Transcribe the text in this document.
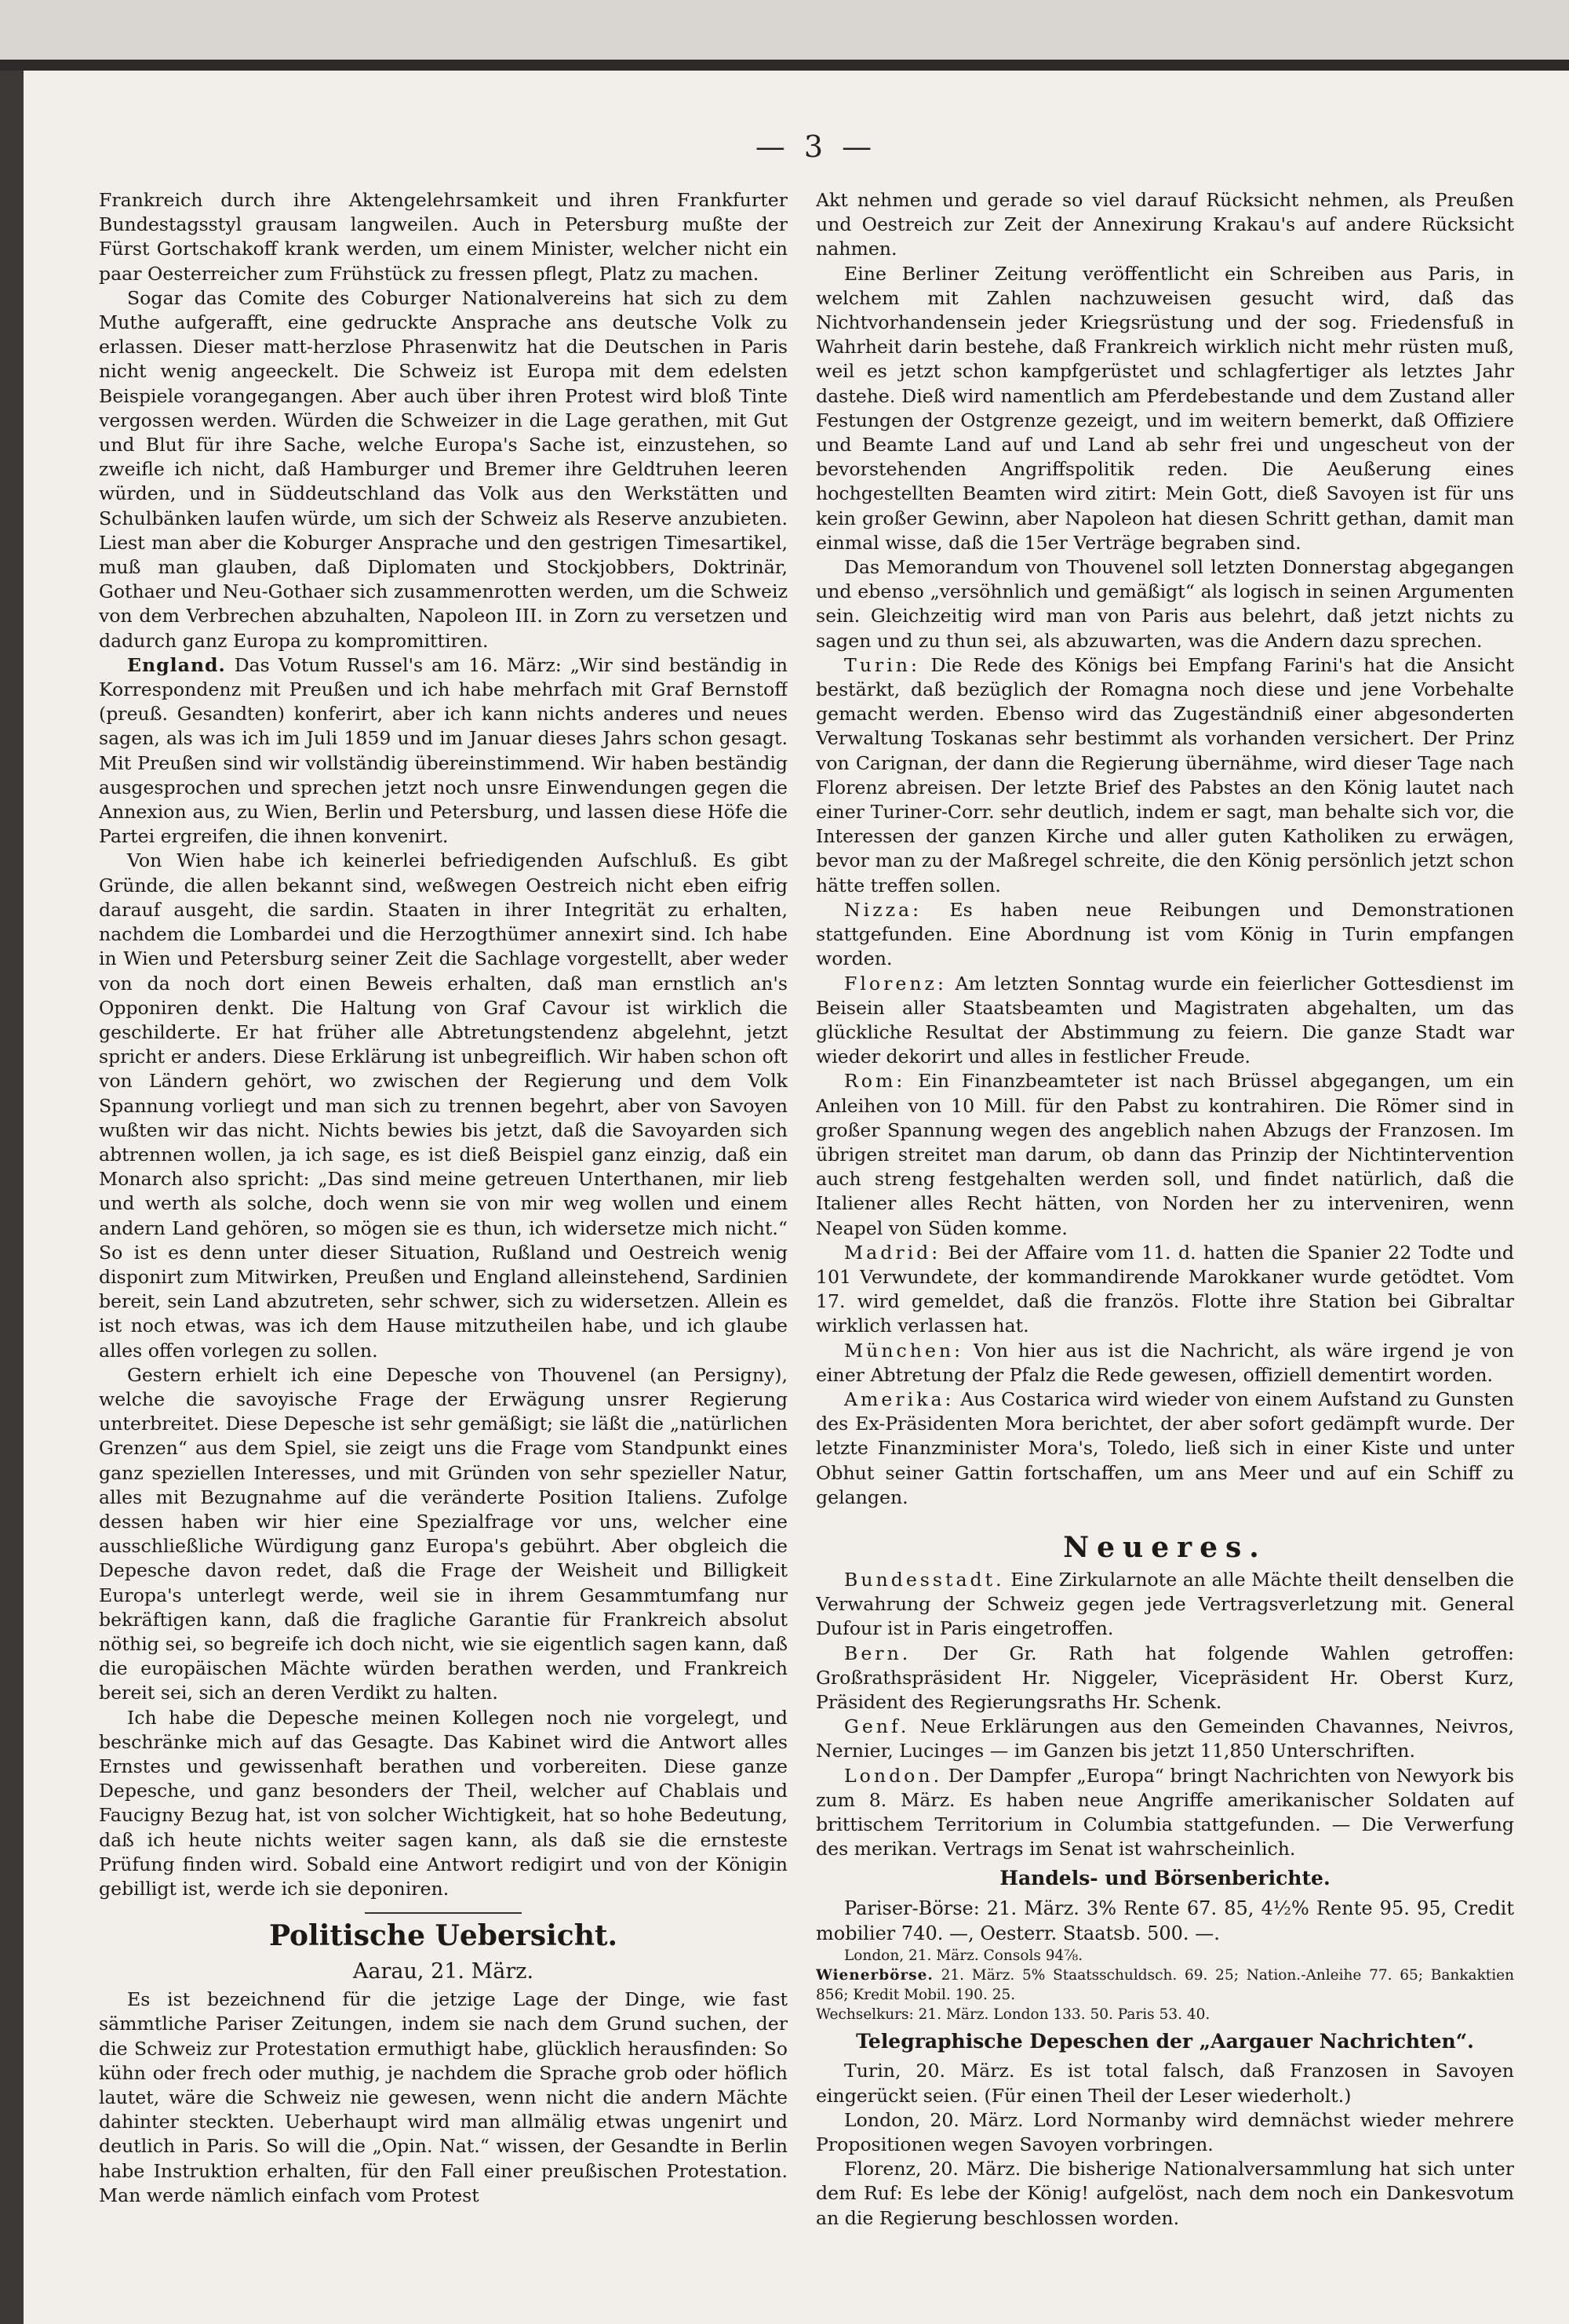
— 3 —

Frankreich durch ihre Aktengelehrsamkeit und ihren Frankfurter Bundestagsstyl grausam langweilen. Auch in Petersburg mußte der Fürst Gortschakoff krank werden, um einem Minister, welcher nicht ein paar Oesterreicher zum Frühstück zu fressen pflegt, Platz zu machen.

Sogar das Comite des Coburger Nationalvereins hat sich zu dem Muthe aufgerafft, eine gedruckte Ansprache ans deutsche Volk zu erlassen. Dieser matt-herzlose Phrasenwitz hat die Deutschen in Paris nicht wenig angeeckelt. Die Schweiz ist Europa mit dem edelsten Beispiele vorangegangen. Aber auch über ihren Protest wird bloß Tinte vergossen werden. Würden die Schweizer in die Lage gerathen, mit Gut und Blut für ihre Sache, welche Europa's Sache ist, einzustehen, so zweifle ich nicht, daß Hamburger und Bremer ihre Geldtruhen leeren würden, und in Süddeutschland das Volk aus den Werkstätten und Schulbänken laufen würde, um sich der Schweiz als Reserve anzubieten. Liest man aber die Koburger Ansprache und den gestrigen Timesartikel, muß man glauben, daß Diplomaten und Stockjobbers, Doktrinär, Gothaer und Neu-Gothaer sich zusammenrotten werden, um die Schweiz von dem Verbrechen abzuhalten, Napoleon III. in Zorn zu versetzen und dadurch ganz Europa zu kompromittiren.

England. Das Votum Russel's am 16. März: „Wir sind beständig in Korrespondenz mit Preußen und ich habe mehrfach mit Graf Bernstoff (preuß. Gesandten) konferirt, aber ich kann nichts anderes und neues sagen, als was ich im Juli 1859 und im Januar dieses Jahrs schon gesagt. Mit Preußen sind wir vollständig übereinstimmend. Wir haben beständig ausgesprochen und sprechen jetzt noch unsre Einwendungen gegen die Annexion aus, zu Wien, Berlin und Petersburg, und lassen diese Höfe die Partei ergreifen, die ihnen konvenirt.

Von Wien habe ich keinerlei befriedigenden Aufschluß. Es gibt Gründe, die allen bekannt sind, weßwegen Oestreich nicht eben eifrig darauf ausgeht, die sardin. Staaten in ihrer Integrität zu erhalten, nachdem die Lombardei und die Herzogthümer annexirt sind. Ich habe in Wien und Petersburg seiner Zeit die Sachlage vorgestellt, aber weder von da noch dort einen Beweis erhalten, daß man ernstlich an's Opponiren denkt. Die Haltung von Graf Cavour ist wirklich die geschilderte. Er hat früher alle Abtretungstendenz abgelehnt, jetzt spricht er anders. Diese Erklärung ist unbegreiflich. Wir haben schon oft von Ländern gehört, wo zwischen der Regierung und dem Volk Spannung vorliegt und man sich zu trennen begehrt, aber von Savoyen wußten wir das nicht. Nichts bewies bis jetzt, daß die Savoyarden sich abtrennen wollen, ja ich sage, es ist dieß Beispiel ganz einzig, daß ein Monarch also spricht: „Das sind meine getreuen Unterthanen, mir lieb und werth als solche, doch wenn sie von mir weg wollen und einem andern Land gehören, so mögen sie es thun, ich widersetze mich nicht.“ So ist es denn unter dieser Situation, Rußland und Oestreich wenig disponirt zum Mitwirken, Preußen und England alleinstehend, Sardinien bereit, sein Land abzutreten, sehr schwer, sich zu widersetzen. Allein es ist noch etwas, was ich dem Hause mitzutheilen habe, und ich glaube alles offen vorlegen zu sollen.

Gestern erhielt ich eine Depesche von Thouvenel (an Persigny), welche die savoyische Frage der Erwägung unsrer Regierung unterbreitet. Diese Depesche ist sehr gemäßigt; sie läßt die „natürlichen Grenzen“ aus dem Spiel, sie zeigt uns die Frage vom Standpunkt eines ganz speziellen Interesses, und mit Gründen von sehr spezieller Natur, alles mit Bezugnahme auf die veränderte Position Italiens. Zufolge dessen haben wir hier eine Spezialfrage vor uns, welcher eine ausschließliche Würdigung ganz Europa's gebührt. Aber obgleich die Depesche davon redet, daß die Frage der Weisheit und Billigkeit Europa's unterlegt werde, weil sie in ihrem Gesammtumfang nur bekräftigen kann, daß die fragliche Garantie für Frankreich absolut nöthig sei, so begreife ich doch nicht, wie sie eigentlich sagen kann, daß die europäischen Mächte würden berathen werden, und Frankreich bereit sei, sich an deren Verdikt zu halten.

Ich habe die Depesche meinen Kollegen noch nie vorgelegt, und beschränke mich auf das Gesagte. Das Kabinet wird die Antwort alles Ernstes und gewissenhaft berathen und vorbereiten. Diese ganze Depesche, und ganz besonders der Theil, welcher auf Chablais und Faucigny Bezug hat, ist von solcher Wichtigkeit, hat so hohe Bedeutung, daß ich heute nichts weiter sagen kann, als daß sie die ernsteste Prüfung finden wird. Sobald eine Antwort redigirt und von der Königin gebilligt ist, werde ich sie deponiren.

Politische Uebersicht.

Aarau, 21. März.

Es ist bezeichnend für die jetzige Lage der Dinge, wie fast sämmtliche Pariser Zeitungen, indem sie nach dem Grund suchen, der die Schweiz zur Protestation ermuthigt habe, glücklich herausfinden: So kühn oder frech oder muthig, je nachdem die Sprache grob oder höflich lautet, wäre die Schweiz nie gewesen, wenn nicht die andern Mächte dahinter steckten. Ueberhaupt wird man allmälig etwas ungenirt und deutlich in Paris. So will die „Opin. Nat.“ wissen, der Gesandte in Berlin habe Instruktion erhalten, für den Fall einer preußischen Protestation. Man werde nämlich einfach vom Protest

Akt nehmen und gerade so viel darauf Rücksicht nehmen, als Preußen und Oestreich zur Zeit der Annexirung Krakau's auf andere Rücksicht nahmen.

Eine Berliner Zeitung veröffentlicht ein Schreiben aus Paris, in welchem mit Zahlen nachzuweisen gesucht wird, daß das Nichtvorhandensein jeder Kriegsrüstung und der sog. Friedensfuß in Wahrheit darin bestehe, daß Frankreich wirklich nicht mehr rüsten muß, weil es jetzt schon kampfgerüstet und schlagfertiger als letztes Jahr dastehe. Dieß wird namentlich am Pferdebestande und dem Zustand aller Festungen der Ostgrenze gezeigt, und im weitern bemerkt, daß Offiziere und Beamte Land auf und Land ab sehr frei und ungescheut von der bevorstehenden Angriffspolitik reden. Die Aeußerung eines hochgestellten Beamten wird zitirt: Mein Gott, dieß Savoyen ist für uns kein großer Gewinn, aber Napoleon hat diesen Schritt gethan, damit man einmal wisse, daß die 15er Verträge begraben sind.

Das Memorandum von Thouvenel soll letzten Donnerstag abgegangen und ebenso „versöhnlich und gemäßigt“ als logisch in seinen Argumenten sein. Gleichzeitig wird man von Paris aus belehrt, daß jetzt nichts zu sagen und zu thun sei, als abzuwarten, was die Andern dazu sprechen.

Turin: Die Rede des Königs bei Empfang Farini's hat die Ansicht bestärkt, daß bezüglich der Romagna noch diese und jene Vorbehalte gemacht werden. Ebenso wird das Zugeständniß einer abgesonderten Verwaltung Toskanas sehr bestimmt als vorhanden versichert. Der Prinz von Carignan, der dann die Regierung übernähme, wird dieser Tage nach Florenz abreisen. Der letzte Brief des Pabstes an den König lautet nach einer Turiner-Corr. sehr deutlich, indem er sagt, man behalte sich vor, die Interessen der ganzen Kirche und aller guten Katholiken zu erwägen, bevor man zu der Maßregel schreite, die den König persönlich jetzt schon hätte treffen sollen.

Nizza: Es haben neue Reibungen und Demonstrationen stattgefunden. Eine Abordnung ist vom König in Turin empfangen worden.

Florenz: Am letzten Sonntag wurde ein feierlicher Gottesdienst im Beisein aller Staatsbeamten und Magistraten abgehalten, um das glückliche Resultat der Abstimmung zu feiern. Die ganze Stadt war wieder dekorirt und alles in festlicher Freude.

Rom: Ein Finanzbeamteter ist nach Brüssel abgegangen, um ein Anleihen von 10 Mill. für den Pabst zu kontrahiren. Die Römer sind in großer Spannung wegen des angeblich nahen Abzugs der Franzosen. Im übrigen streitet man darum, ob dann das Prinzip der Nichtintervention auch streng festgehalten werden soll, und findet natürlich, daß die Italiener alles Recht hätten, von Norden her zu interveniren, wenn Neapel von Süden komme.

Madrid: Bei der Affaire vom 11. d. hatten die Spanier 22 Todte und 101 Verwundete, der kommandirende Marokkaner wurde getödtet. Vom 17. wird gemeldet, daß die französ. Flotte ihre Station bei Gibraltar wirklich verlassen hat.

München: Von hier aus ist die Nachricht, als wäre irgend je von einer Abtretung der Pfalz die Rede gewesen, offiziell dementirt worden.

Amerika: Aus Costarica wird wieder von einem Aufstand zu Gunsten des Ex-Präsidenten Mora berichtet, der aber sofort gedämpft wurde. Der letzte Finanzminister Mora's, Toledo, ließ sich in einer Kiste und unter Obhut seiner Gattin fortschaffen, um ans Meer und auf ein Schiff zu gelangen.

Neueres.

Bundesstadt. Eine Zirkularnote an alle Mächte theilt denselben die Verwahrung der Schweiz gegen jede Vertragsverletzung mit. General Dufour ist in Paris eingetroffen.

Bern. Der Gr. Rath hat folgende Wahlen getroffen: Großrathspräsident Hr. Niggeler, Vicepräsident Hr. Oberst Kurz, Präsident des Regierungsraths Hr. Schenk.

Genf. Neue Erklärungen aus den Gemeinden Chavannes, Neivros, Nernier, Lucinges — im Ganzen bis jetzt 11,850 Unterschriften.

London. Der Dampfer „Europa“ bringt Nachrichten von Newyork bis zum 8. März. Es haben neue Angriffe amerikanischer Soldaten auf brittischem Territorium in Columbia stattgefunden. — Die Verwerfung des merikan. Vertrags im Senat ist wahrscheinlich.

Handels- und Börsenberichte.

Pariser-Börse: 21. März. 3% Rente 67. 85, 4½% Rente 95. 95, Credit mobilier 740. —, Oesterr. Staatsb. 500. —.

London, 21. März. Consols 94⅞.

Wienerbörse. 21. März. 5% Staatsschuldsch. 69. 25; Nation.-Anleihe 77. 65; Bankaktien 856; Kredit Mobil. 190. 25.

Wechselkurs: 21. März. London 133. 50. Paris 53. 40.

Telegraphische Depeschen der „Aargauer Nachrichten“.

Turin, 20. März. Es ist total falsch, daß Franzosen in Savoyen eingerückt seien. (Für einen Theil der Leser wiederholt.)

London, 20. März. Lord Normanby wird demnächst wieder mehrere Propositionen wegen Savoyen vorbringen.

Florenz, 20. März. Die bisherige Nationalversammlung hat sich unter dem Ruf: Es lebe der König! aufgelöst, nach dem noch ein Dankesvotum an die Regierung beschlossen worden.
